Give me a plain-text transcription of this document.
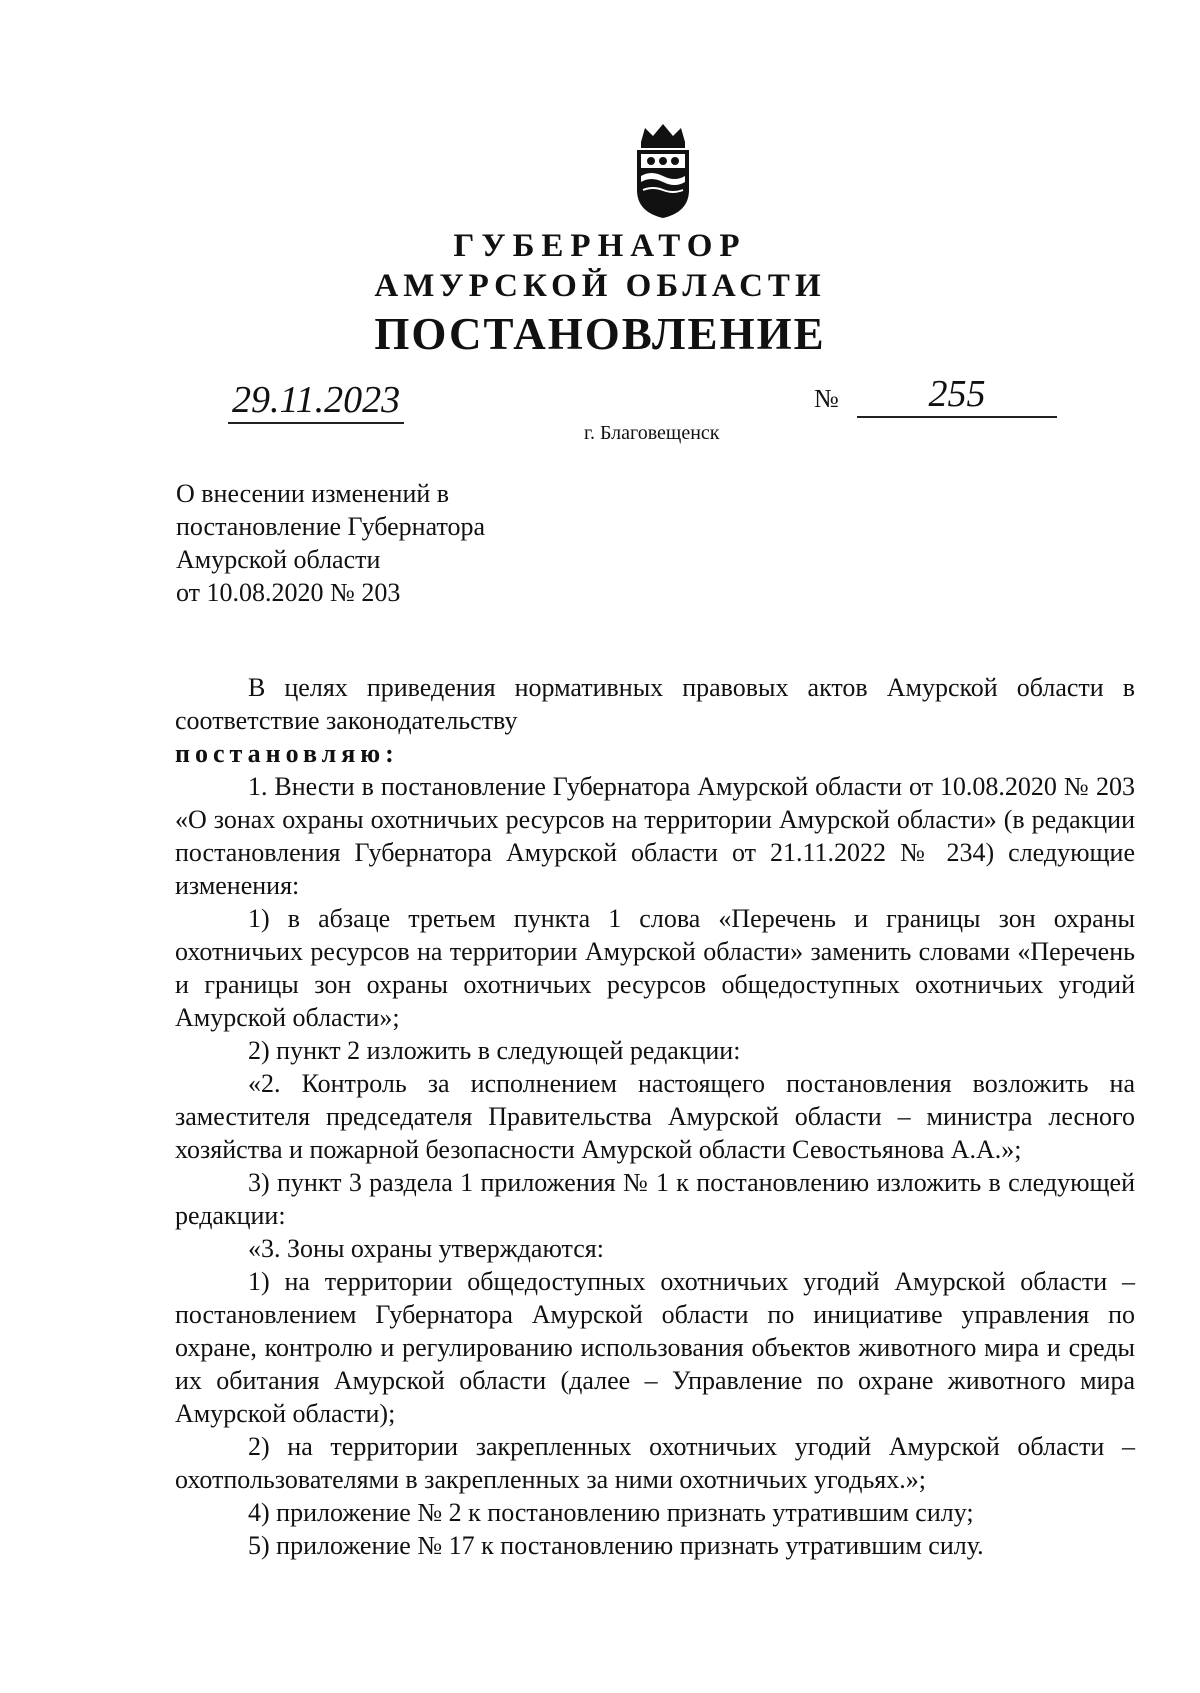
ГУБЕРНАТОР
АМУРСКОЙ ОБЛАСТИ
ПОСТАНОВЛЕНИЕ
29.11.2023	№	255
г. Благовещенск
О внесении изменений в
постановление Губернатора
Амурской области
от 10.08.2020 № 203

В целях приведения нормативных правовых актов Амурской области в соответствие законодательству

постановляю:

1. Внести в постановление Губернатора Амурской области от 10.08.2020 № 203 «О зонах охраны охотничьих ресурсов на территории Амурской области» (в редакции постановления Губернатора Амурской области от 21.11.2022 № 234) следующие изменения:

1) в абзаце третьем пункта 1 слова «Перечень и границы зон охраны охотничьих ресурсов на территории Амурской области» заменить словами «Перечень и границы зон охраны охотничьих ресурсов общедоступных охотничьих угодий Амурской области»;

2) пункт 2 изложить в следующей редакции:

«2. Контроль за исполнением настоящего постановления возложить на заместителя председателя Правительства Амурской области – министра лесного хозяйства и пожарной безопасности Амурской области Севостьянова А.А.»;

3) пункт 3 раздела 1 приложения № 1 к постановлению изложить в следующей редакции:

«3. Зоны охраны утверждаются:

1) на территории общедоступных охотничьих угодий Амурской области – постановлением Губернатора Амурской области по инициативе управления по охране, контролю и регулированию использования объектов животного мира и среды их обитания Амурской области (далее – Управление по охране животного мира Амурской области);

2) на территории закрепленных охотничьих угодий Амурской области – охотпользователями в закрепленных за ними охотничьих угодьях.»;

4) приложение № 2 к постановлению признать утратившим силу;

5) приложение № 17 к постановлению признать утратившим силу.
